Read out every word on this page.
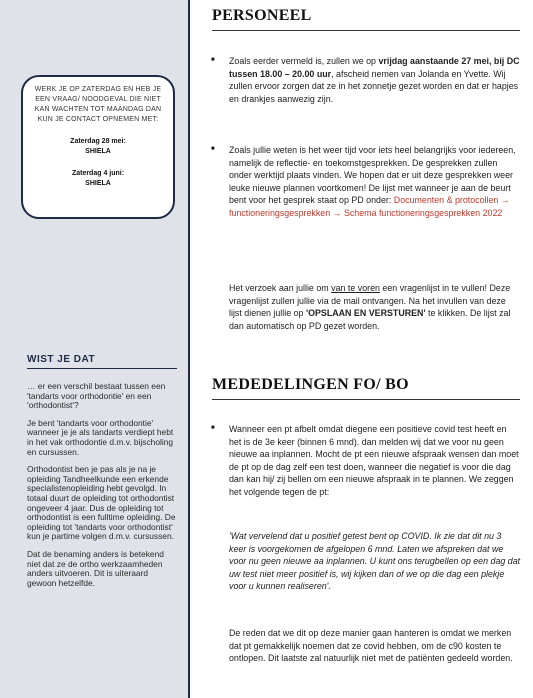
WERK JE OP ZATERDAG EN HEB JE EEN VRAAG/ NOODGEVAL DIE NIET KAN WACHTEN TOT MAANDAG DAN KUN JE CONTACT OPNEMEN MET:
Zaterdag 28 mei:
SHIELA
Zaterdag 4 juni:
SHIELA
WIST JE DAT

… er een verschil bestaat tussen een 'tandarts voor orthodontie' en een 'orthodontist'?

Je bent 'tandarts voor orthodontie' wanneer je je als tandarts verdiept hebt in het vak orthodontie d.m.v. bijscholing en cursussen.

Orthodontist ben je pas als je na je opleiding Tandheelkunde een erkende specialistenopleiding hebt gevolgd. In totaal duurt de opleiding tot orthodontist ongeveer 4 jaar. Dus de opleiding tot orthodontist is een fulltime opleiding. De opleiding tot 'tandarts voor orthodontist' kun je partime volgen d.m.v. cursussen.

Dat de benaming anders is betekend niet dat ze de ortho werkzaamheden anders uitvoeren. Dit is uiteraard gewoon hetzelfde.

PERSONEEL
■ Zoals eerder vermeld is, zullen we op vrijdag aanstaande 27 mei, bij DC tussen 18.00 – 20.00 uur, afscheid nemen van Jolanda en Yvette. Wij zullen ervoor zorgen dat ze in het zonnetje gezet worden en dat er hapjes en drankjes aanwezig zijn.
■ Zoals jullie weten is het weer tijd voor iets heel belangrijks voor iedereen, namelijk de reflectie- en toekomstgesprekken. De gesprekken zullen onder werktijd plaats vinden. We hopen dat er uit deze gesprekken weer leuke nieuwe plannen voortkomen! De lijst met wanneer je aan de beurt bent voor het gesprek staat op PD onder: Documenten & protocollen → functioneringsgesprekken → Schema functioneringsgesprekken 2022
Het verzoek aan jullie om van te voren een vragenlijst in te vullen! Deze vragenlijst zullen jullie via de mail ontvangen. Na het invullen van deze lijst dienen jullie op 'OPSLAAN EN VERSTUREN' te klikken. De lijst zal dan automatisch op PD gezet worden.
MEDEDELINGEN FO/ BO
■ Wanneer een pt afbelt omdat diegene een positieve covid test heeft en het is de 3e keer (binnen 6 mnd). dan melden wij dat we voor nu geen nieuwe aa inplannen. Mocht de pt een nieuwe afspraak wensen dan moet de pt op de dag zelf een test doen, wanneer die negatief is voor die dag dan kan hij/ zij bellen om een nieuwe afspraak in te plannen. We zeggen het volgende tegen de pt:
'Wat vervelend dat u positief getest bent op COVID. Ik zie dat dit nu 3 keer is voorgekomen de afgelopen 6 mnd. Laten we afspreken dat we voor nu geen nieuwe aa inplannen. U kunt ons terugbellen op een dag dat uw test niet meer positief is, wij kijken dan of we op die dag een plekje voor u kunnen realiseren'.
De reden dat we dit op deze manier gaan hanteren is omdat we merken dat pt gemakkelijk noemen dat ze covid hebben, om de c90 kosten te ontlopen. Dit laatste zal natuurlijk niet met de patiënten gedeeld worden.
